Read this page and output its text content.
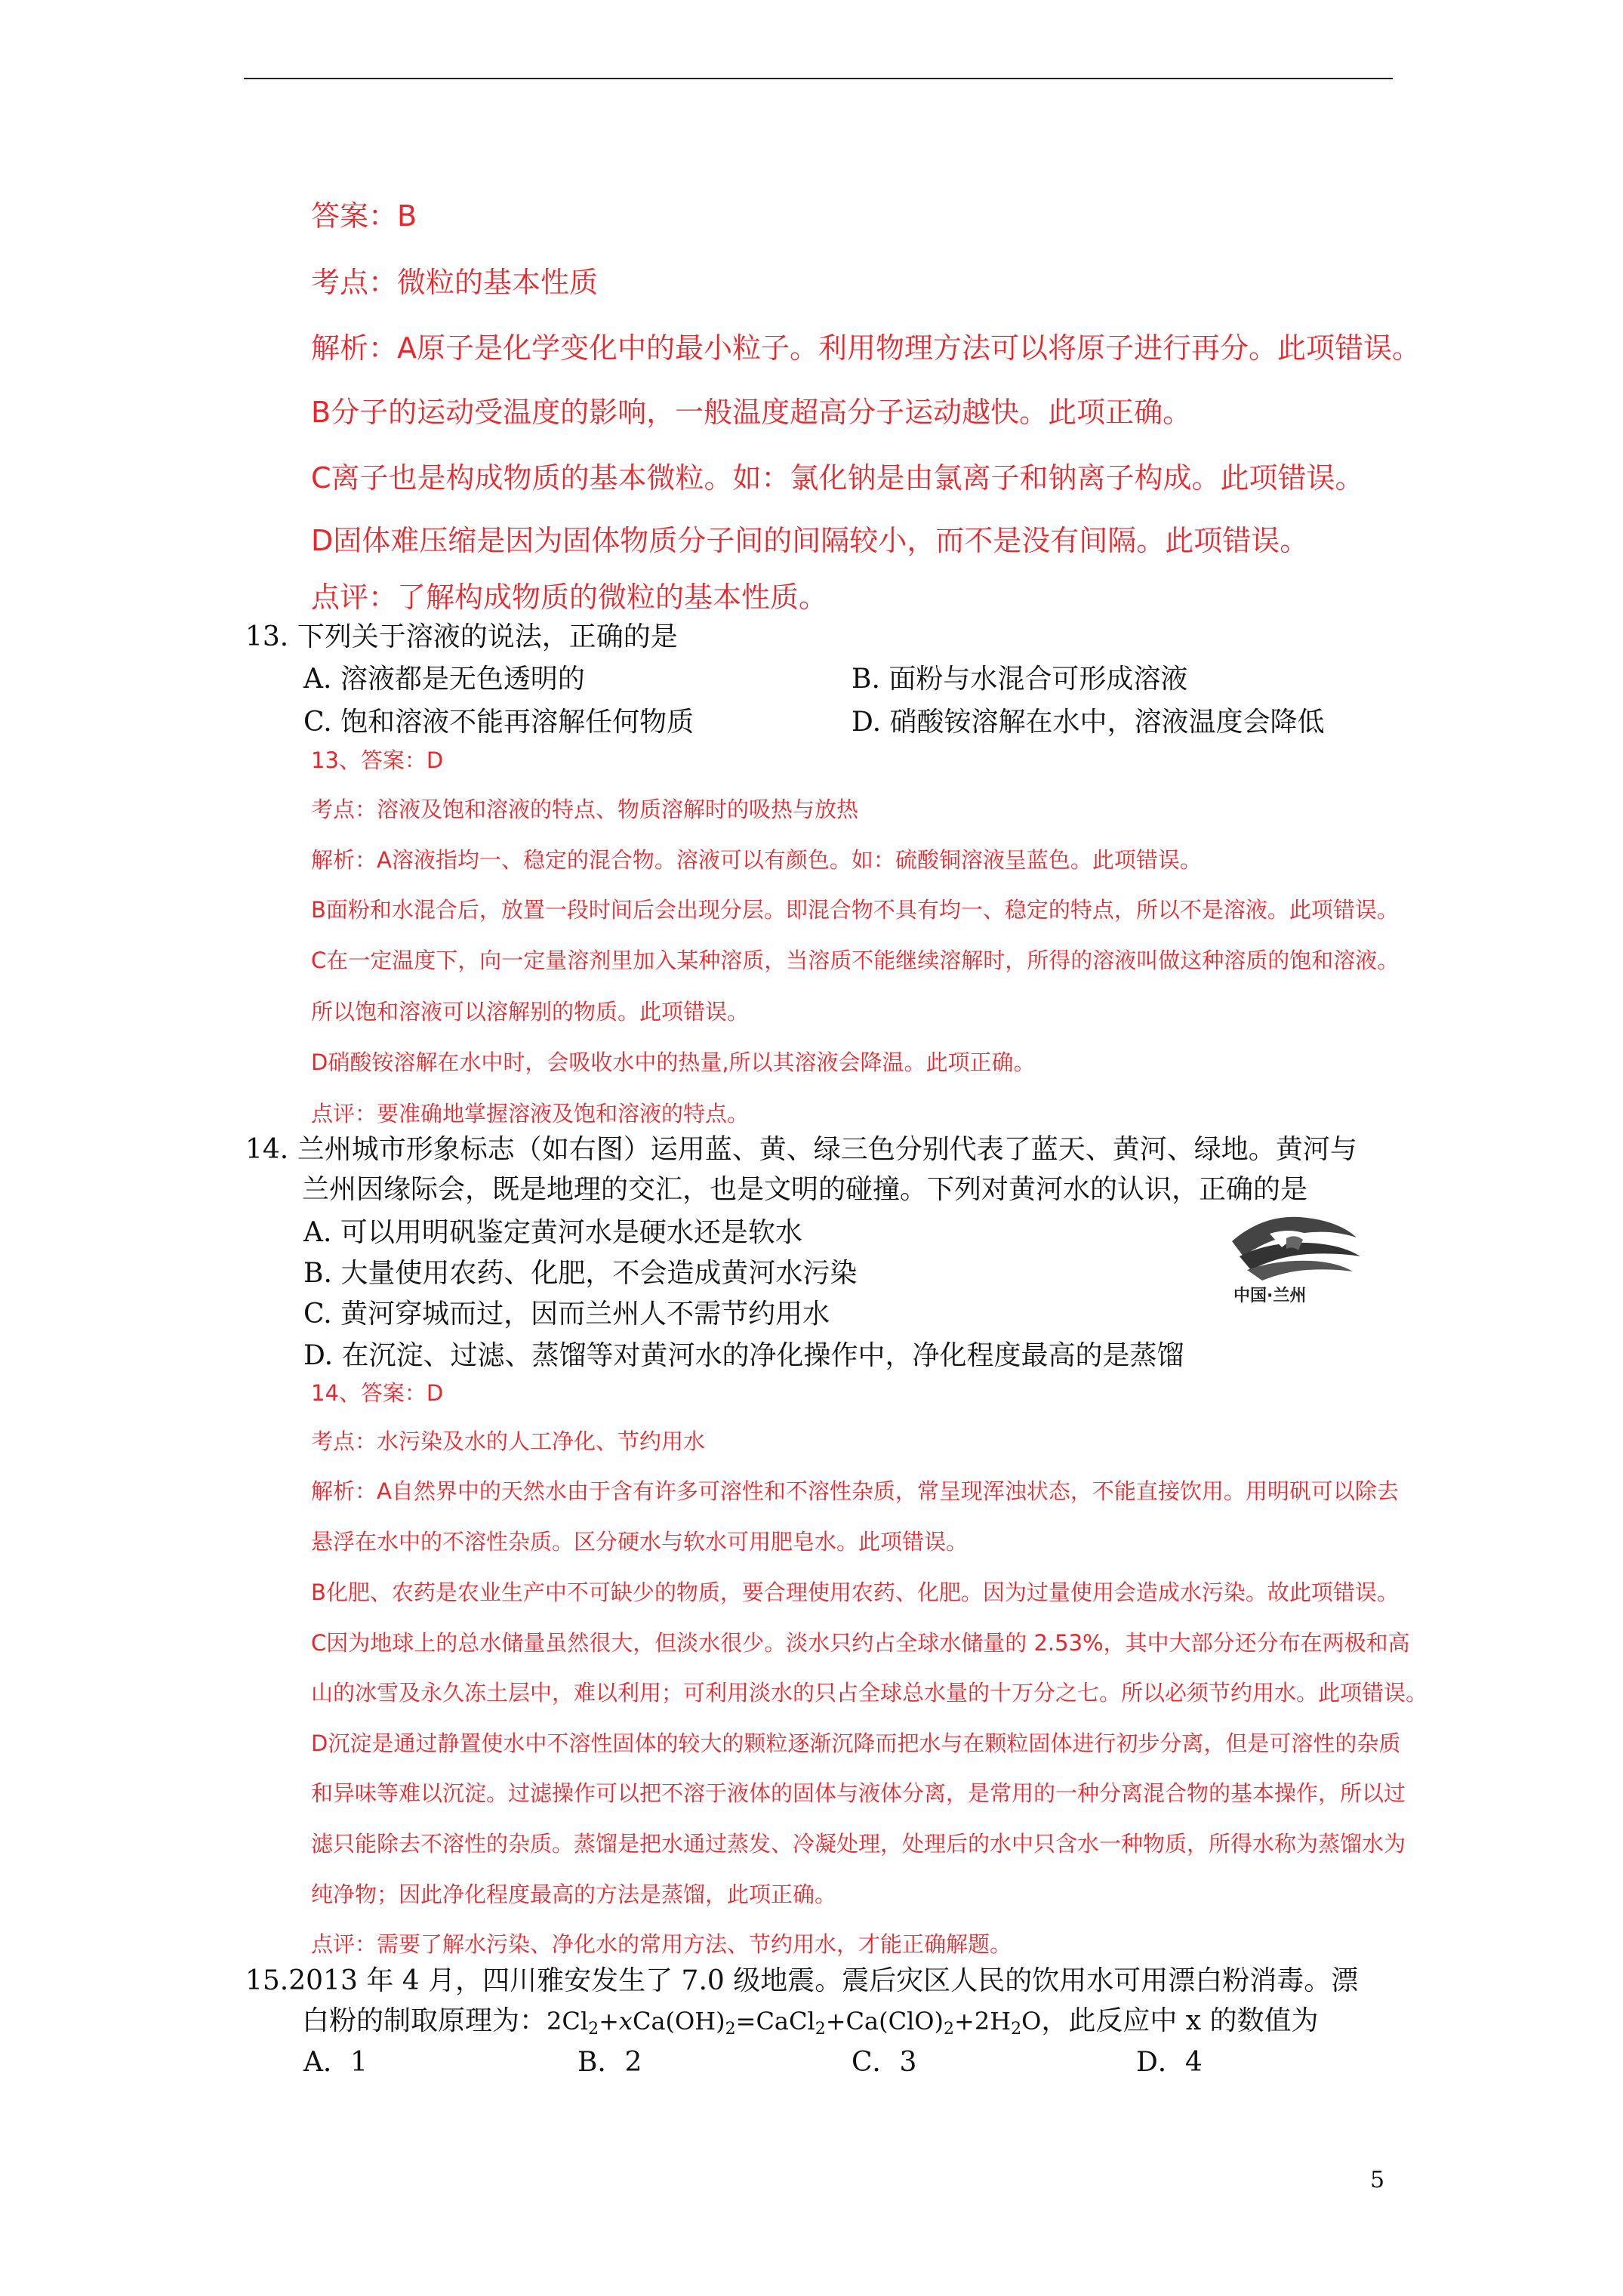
答案：B
考点：微粒的基本性质
解析：A原子是化学变化中的最小粒子。利用物理方法可以将原子进行再分。此项错误。
B分子的运动受温度的影响，一般温度超高分子运动越快。此项正确。
C离子也是构成物质的基本微粒。如：氯化钠是由氯离子和钠离子构成。此项错误。
D固体难压缩是因为固体物质分子间的间隔较小，而不是没有间隔。此项错误。
点评：了解构成物质的微粒的基本性质。
13. 下列关于溶液的说法，正确的是
A. 溶液都是无色透明的	B. 面粉与水混合可形成溶液
C. 饱和溶液不能再溶解任何物质	D. 硝酸铵溶解在水中，溶液温度会降低
13、答案：D
考点：溶液及饱和溶液的特点、物质溶解时的吸热与放热
解析：A溶液指均一、稳定的混合物。溶液可以有颜色。如：硫酸铜溶液呈蓝色。此项错误。
B面粉和水混合后，放置一段时间后会出现分层。即混合物不具有均一、稳定的特点，所以不是溶液。此项错误。
C在一定温度下，向一定量溶剂里加入某种溶质，当溶质不能继续溶解时，所得的溶液叫做这种溶质的饱和溶液。
所以饱和溶液可以溶解别的物质。此项错误。
D硝酸铵溶解在水中时，会吸收水中的热量,所以其溶液会降温。此项正确。
点评：要准确地掌握溶液及饱和溶液的特点。
14. 兰州城市形象标志（如右图）运用蓝、黄、绿三色分别代表了蓝天、黄河、绿地。黄河与
兰州因缘际会，既是地理的交汇，也是文明的碰撞。下列对黄河水的认识，正确的是
A. 可以用明矾鉴定黄河水是硬水还是软水
B. 大量使用农药、化肥，不会造成黄河水污染
C. 黄河穿城而过，因而兰州人不需节约用水
D. 在沉淀、过滤、蒸馏等对黄河水的净化操作中，净化程度最高的是蒸馏
中国·兰州
14、答案：D
考点：水污染及水的人工净化、节约用水
解析：A自然界中的天然水由于含有许多可溶性和不溶性杂质，常呈现浑浊状态，不能直接饮用。用明矾可以除去
悬浮在水中的不溶性杂质。区分硬水与软水可用肥皂水。此项错误。
B化肥、农药是农业生产中不可缺少的物质，要合理使用农药、化肥。因为过量使用会造成水污染。故此项错误。
C因为地球上的总水储量虽然很大，但淡水很少。淡水只约占全球水储量的 2.53%，其中大部分还分布在两极和高
山的冰雪及永久冻土层中，难以利用；可利用淡水的只占全球总水量的十万分之七。所以必须节约用水。此项错误。
D沉淀是通过静置使水中不溶性固体的较大的颗粒逐渐沉降而把水与在颗粒固体进行初步分离，但是可溶性的杂质
和异味等难以沉淀。过滤操作可以把不溶于液体的固体与液体分离，是常用的一种分离混合物的基本操作，所以过
滤只能除去不溶性的杂质。蒸馏是把水通过蒸发、冷凝处理，处理后的水中只含水一种物质，所得水称为蒸馏水为
纯净物；因此净化程度最高的方法是蒸馏，此项正确。
点评：需要了解水污染、净化水的常用方法、节约用水，才能正确解题。
15.2013 年 4 月，四川雅安发生了 7.0 级地震。震后灾区人民的饮用水可用漂白粉消毒。漂
白粉的制取原理为：$2Cl_2+xCa(OH)_2=CaCl_2+Ca(ClO)_2+2H_2O$，此反应中 x 的数值为
A．1	B．2	C．3	D．4
5
